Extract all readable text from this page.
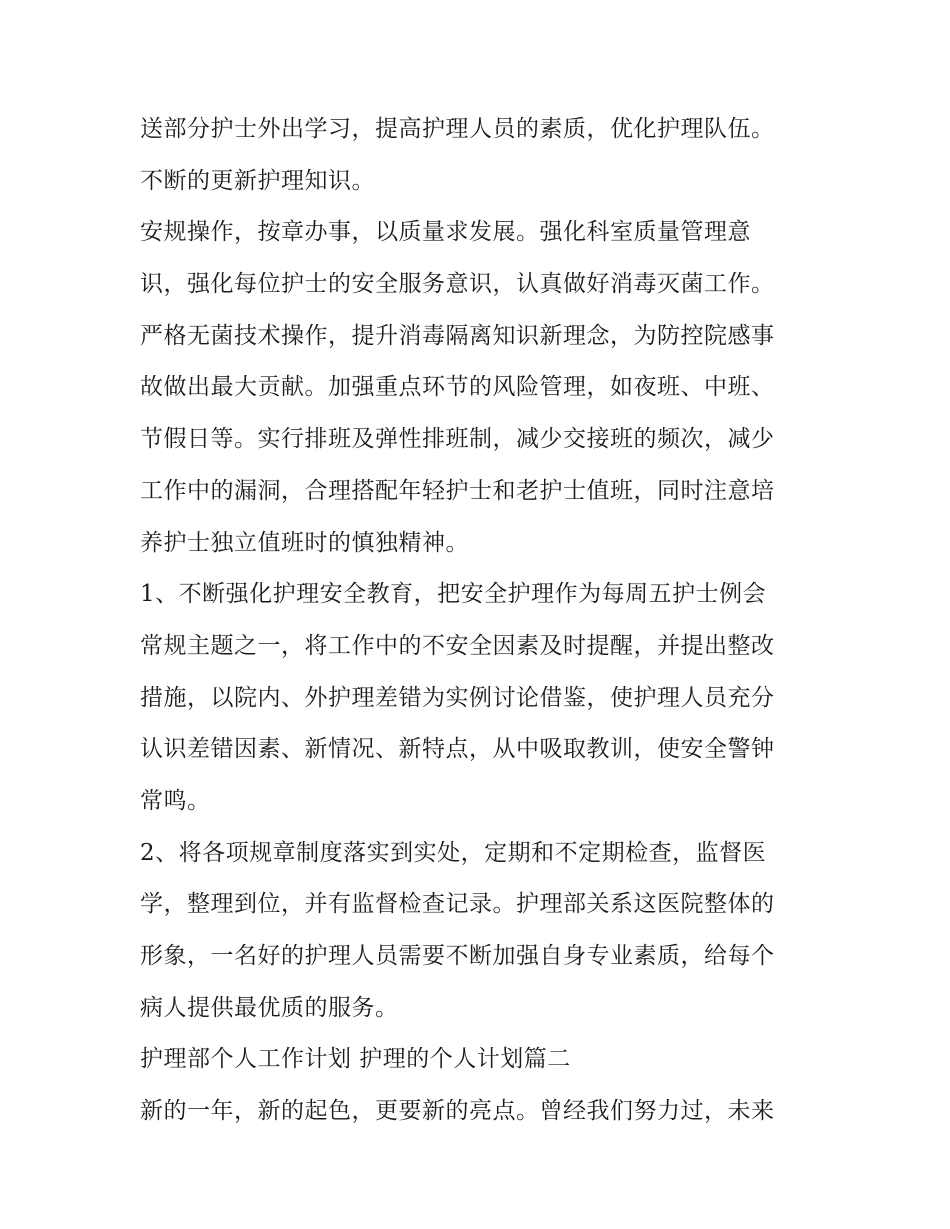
送部分护士外出学习，提高护理人员的素质，优化护理队伍。
不断的更新护理知识。
安规操作，按章办事，以质量求发展。强化科室质量管理意
识，强化每位护士的安全服务意识，认真做好消毒灭菌工作。
严格无菌技术操作，提升消毒隔离知识新理念，为防控院感事
故做出最大贡献。加强重点环节的风险管理，如夜班、中班、
节假日等。实行排班及弹性排班制，减少交接班的频次，减少
工作中的漏洞，合理搭配年轻护士和老护士值班，同时注意培
养护士独立值班时的慎独精神。
1、不断强化护理安全教育，把安全护理作为每周五护士例会
常规主题之一，将工作中的不安全因素及时提醒，并提出整改
措施，以院内、外护理差错为实例讨论借鉴，使护理人员充分
认识差错因素、新情况、新特点，从中吸取教训，使安全警钟
常鸣。
2、将各项规章制度落实到实处，定期和不定期检查，监督医
学，整理到位，并有监督检查记录。护理部关系这医院整体的
形象，一名好的护理人员需要不断加强自身专业素质，给每个
病人提供最优质的服务。
护理部个人工作计划 护理的个人计划篇二
新的一年，新的起色，更要新的亮点。曾经我们努力过，未来
